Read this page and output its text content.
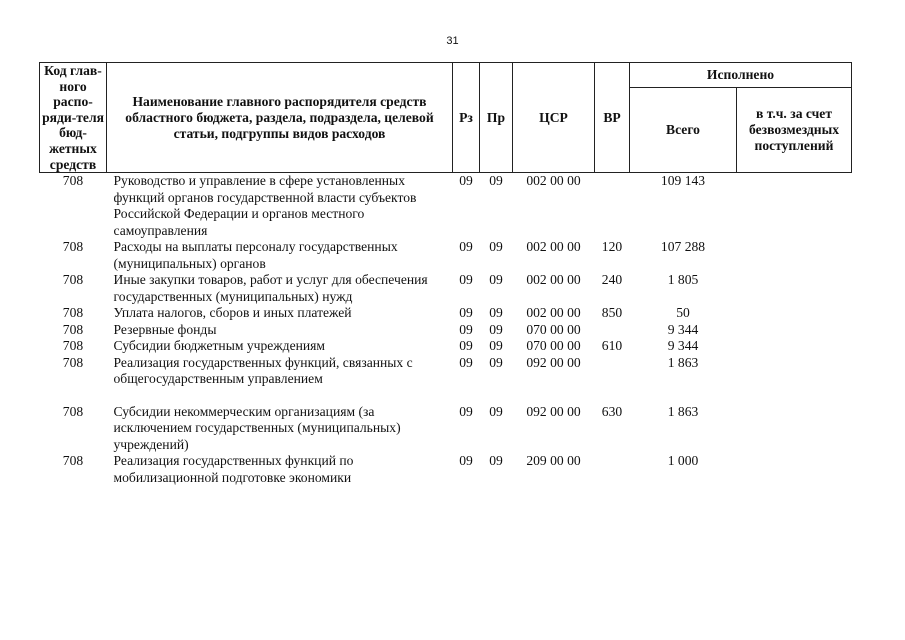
31
Код глав-ного распо-ряди-теля бюд-жетных средств	Наименование главного распорядителя средств областного бюджета, раздела, подраздела, целевой статьи, подгруппы видов расходов	Рз	Пр	ЦСР	ВР	Исполнено	
						Всего	в т.ч. за счет безвозмездных поступлений
708	Руководство и управление в сфере установленных функций органов государственной власти субъектов Российской Федерации и органов местного самоуправления	09	09	002 00 00		109 143	
708	Расходы на выплаты персоналу государственных (муниципальных) органов	09	09	002 00 00	120	107 288	
708	Иные закупки товаров, работ и услуг для обеспечения государственных (муниципальных) нужд	09	09	002 00 00	240	1 805	
708	Уплата налогов, сборов и иных платежей	09	09	002 00 00	850	50	
708	Резервные фонды	09	09	070 00 00		9 344	
708	Субсидии бюджетным учреждениям	09	09	070 00 00	610	9 344	
708	Реализация государственных функций, связанных с общегосударственным управлением	09	09	092 00 00		1 863	

708	Субсидии некоммерческим организациям (за исключением государственных (муниципальных) учреждений)	09	09	092 00 00	630	1 863	
708	Реализация государственных функций по мобилизационной подготовке экономики	09	09	209 00 00		1 000	
